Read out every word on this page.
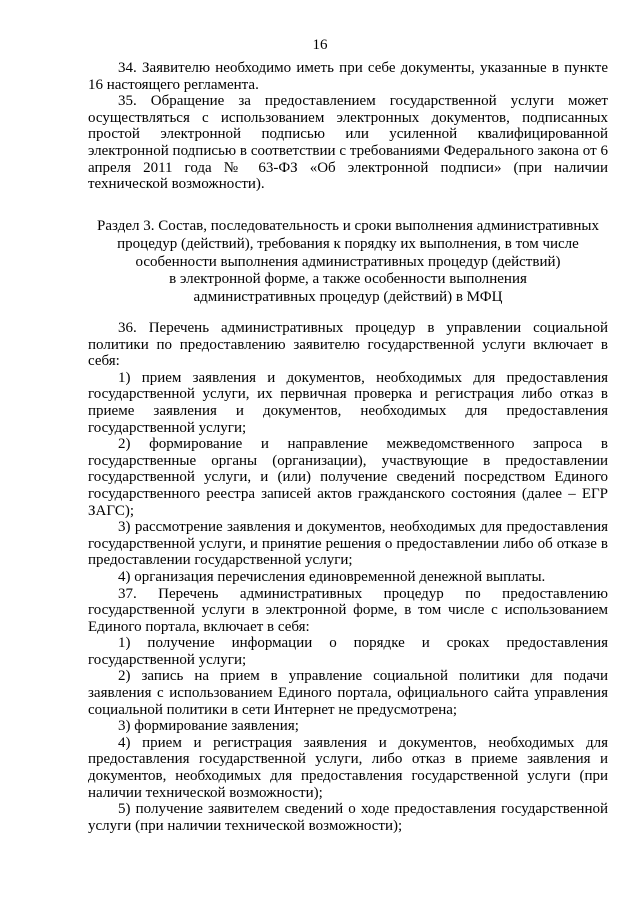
16

34. Заявителю необходимо иметь при себе документы, указанные в пункте 16 настоящего регламента.

35. Обращение за предоставлением государственной услуги может осуществляться с использованием электронных документов, подписанных простой электронной подписью или усиленной квалифицированной электронной подписью в соответствии с требованиями Федерального закона от 6 апреля 2011 года № 63-ФЗ «Об электронной подписи» (при наличии технической возможности).

Раздел 3. Состав, последовательность и сроки выполнения административных
процедур (действий), требования к порядку их выполнения, в том числе
особенности выполнения административных процедур (действий)
в электронной форме, а также особенности выполнения
административных процедур (действий) в МФЦ

36. Перечень административных процедур в управлении социальной политики по предоставлению заявителю государственной услуги включает в себя:

1) прием заявления и документов, необходимых для предоставления государственной услуги, их первичная проверка и регистрация либо отказ в приеме заявления и документов, необходимых для предоставления государственной услуги;

2) формирование и направление межведомственного запроса в государственные органы (организации), участвующие в предоставлении государственной услуги, и (или) получение сведений посредством Единого государственного реестра записей актов гражданского состояния (далее – ЕГР ЗАГС);

3) рассмотрение заявления и документов, необходимых для предоставления государственной услуги, и принятие решения о предоставлении либо об отказе в предоставлении государственной услуги;

4) организация перечисления единовременной денежной выплаты.

37. Перечень административных процедур по предоставлению государственной услуги в электронной форме, в том числе с использованием Единого портала, включает в себя:

1) получение информации о порядке и сроках предоставления государственной услуги;

2) запись на прием в управление социальной политики для подачи заявления с использованием Единого портала, официального сайта управления социальной политики в сети Интернет не предусмотрена;

3) формирование заявления;

4) прием и регистрация заявления и документов, необходимых для предоставления государственной услуги, либо отказ в приеме заявления и документов, необходимых для предоставления государственной услуги (при наличии технической возможности);

5) получение заявителем сведений о ходе предоставления государственной услуги (при наличии технической возможности);
